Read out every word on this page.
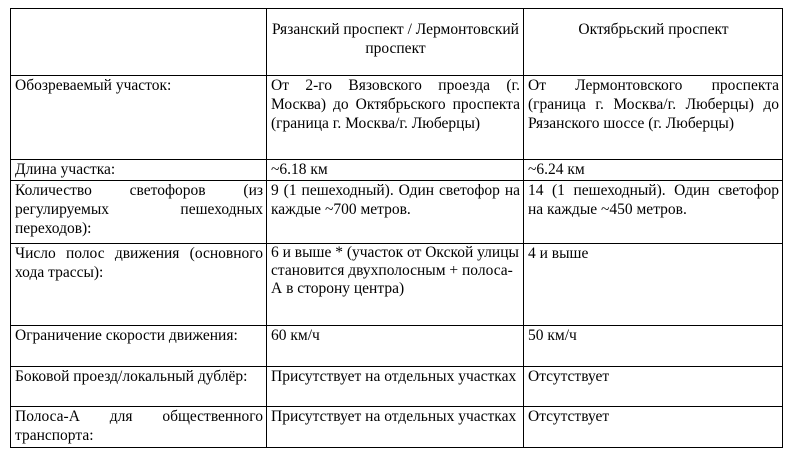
	Рязанский проспект / Лермонтовский проспект	Октябрьский проспект
Обозреваемый участок:	От 2-го Вязовского проезда (г. Москва) до Октябрьского проспекта (граница г. Москва/г. Люберцы)	От Лермонтовского проспекта (граница г. Москва/г. Люберцы) до Рязанского шоссе (г. Люберцы)
Длина участка:	~6.18 км	~6.24 км
Количество светофоров (из регулируемых пешеходных переходов):	9 (1 пешеходный). Один светофор на каждые ~700 метров.	14 (1 пешеходный). Один светофор на каждые ~450 метров.
Число полос движения (основного хода трассы):	6 и выше * (участок от Окской улицы становится двухполосным + полоса-А в сторону центра)	4 и выше
Ограничение скорости движения:	60 км/ч	50 км/ч
Боковой проезд/локальный дублёр:	Присутствует на отдельных участках	Отсутствует
Полоса-А для общественного транспорта:	Присутствует на отдельных участках	Отсутствует
